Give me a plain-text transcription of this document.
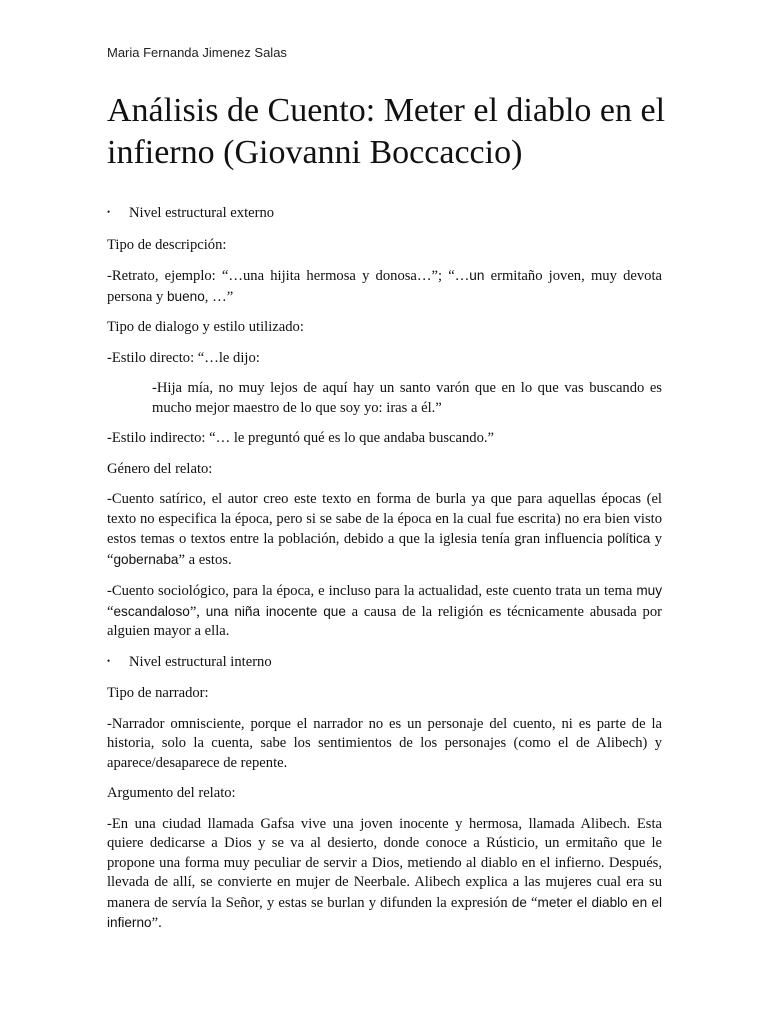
Maria Fernanda Jimenez Salas
Análisis de Cuento: Meter el diablo en el infierno (Giovanni Boccaccio)
•	Nivel estructural externo

Tipo de descripción:

-Retrato, ejemplo: “…una hijita hermosa y donosa…”; “…un ermitaño joven, muy devota persona y bueno, …”

Tipo de dialogo y estilo utilizado:

-Estilo directo: “…le dijo:

-Hija mía, no muy lejos de aquí hay un santo varón que en lo que vas buscando es mucho mejor maestro de lo que soy yo: iras a él.”

-Estilo indirecto: “… le preguntó qué es lo que andaba buscando.”

Género del relato:

-Cuento satírico, el autor creo este texto en forma de burla ya que para aquellas épocas (el texto no especifica la época, pero si se sabe de la época en la cual fue escrita) no era bien visto estos temas o textos entre la población, debido a que la iglesia tenía gran influencia política y “gobernaba” a estos.

-Cuento sociológico, para la época, e incluso para la actualidad, este cuento trata un tema muy “escandaloso”, una niña inocente que a causa de la religión es técnicamente abusada por alguien mayor a ella.

•	Nivel estructural interno

Tipo de narrador:

-Narrador omnisciente, porque el narrador no es un personaje del cuento, ni es parte de la historia, solo la cuenta, sabe los sentimientos de los personajes (como el de Alibech) y aparece/desaparece de repente.

Argumento del relato:

-En una ciudad llamada Gafsa vive una joven inocente y hermosa, llamada Alibech. Esta quiere dedicarse a Dios y se va al desierto, donde conoce a Rústicio, un ermitaño que le propone una forma muy peculiar de servir a Dios, metiendo al diablo en el infierno. Después, llevada de allí, se convierte en mujer de Neerbale. Alibech explica a las mujeres cual era su manera de servía la Señor, y estas se burlan y difunden la expresión de “meter el diablo en el infierno”.
